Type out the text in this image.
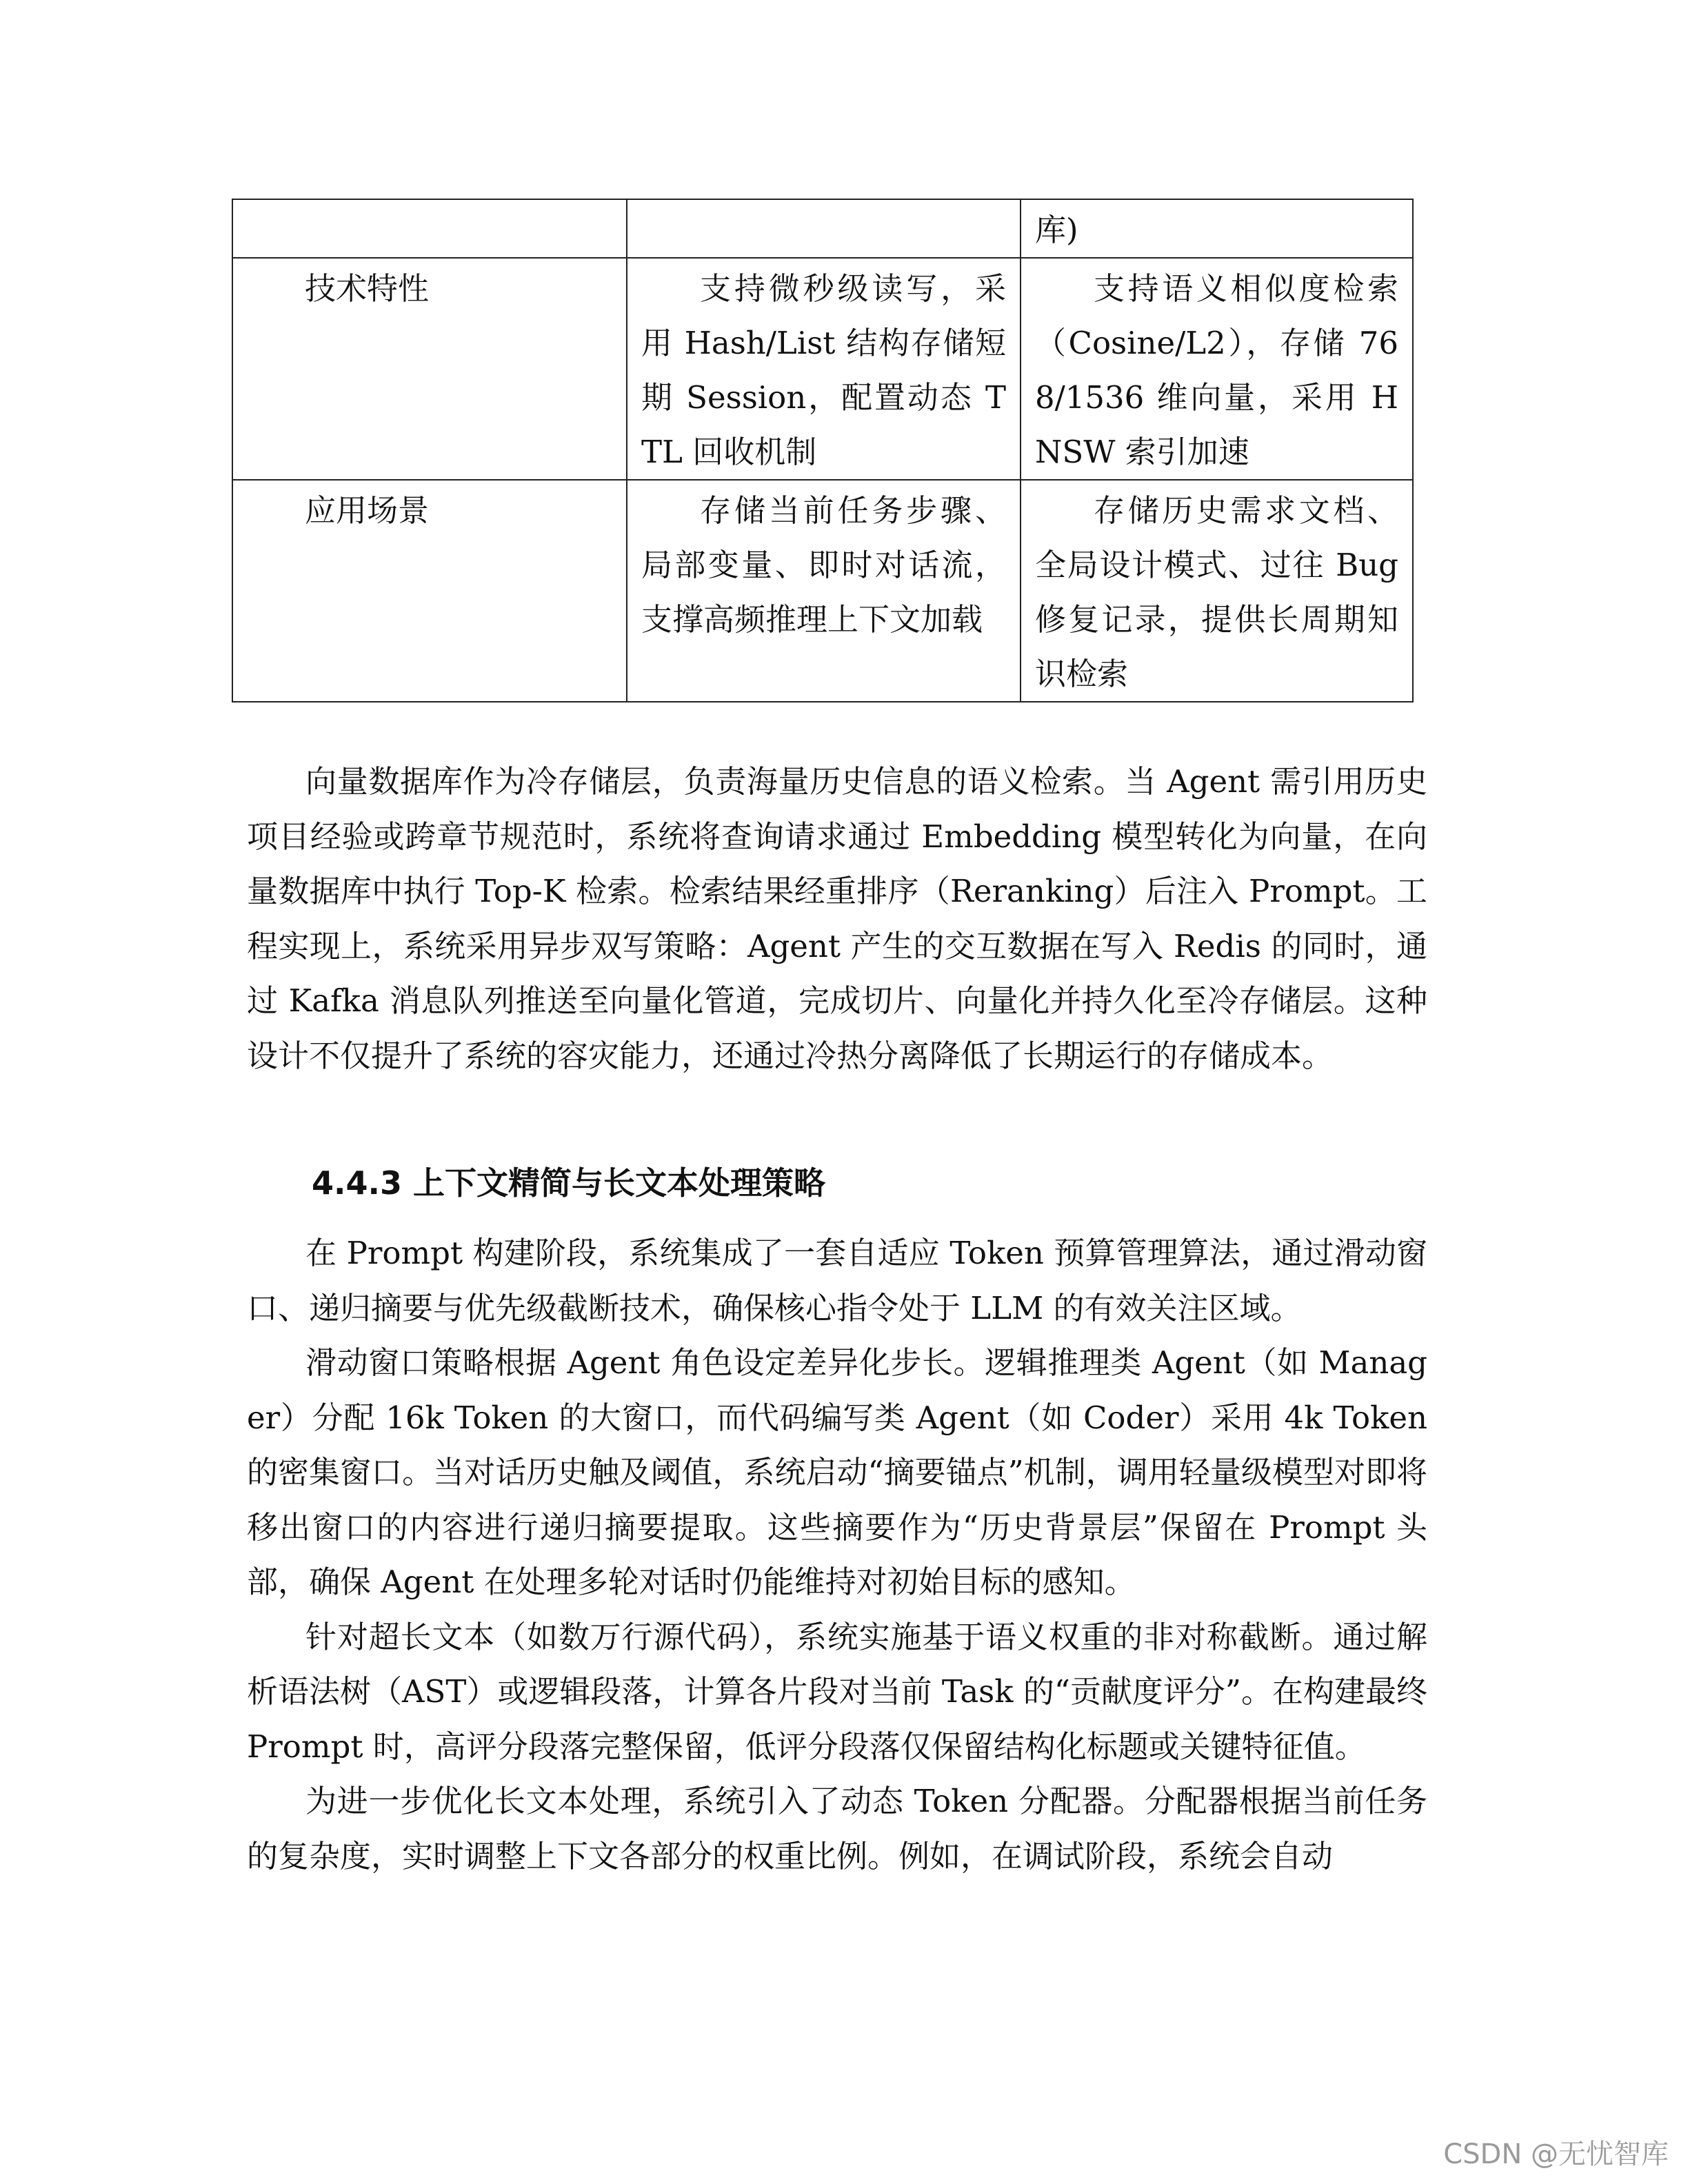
		库)
技术特性	支持微秒级读写，采用 Hash/List 结构存储短期 Session，配置动态 TTL 回收机制	支持语义相似度检索（Cosine/L2），存储 768/1536 维向量，采用 HNSW 索引加速
应用场景	存储当前任务步骤、局部变量、即时对话流，支撑高频推理上下文加载	存储历史需求文档、全局设计模式、过往 Bug 修复记录，提供长周期知识检索

向量数据库作为冷存储层，负责海量历史信息的语义检索。当 Agent 需引用历史项目经验或跨章节规范时，系统将查询请求通过 Embedding 模型转化为向量，在向量数据库中执行 Top-K 检索。检索结果经重排序（Reranking）后注入 Prompt。工程实现上，系统采用异步双写策略：Agent 产生的交互数据在写入 Redis 的同时，通过 Kafka 消息队列推送至向量化管道，完成切片、向量化并持久化至冷存储层。这种设计不仅提升了系统的容灾能力，还通过冷热分离降低了长期运行的存储成本。

4.4.3 上下文精简与长文本处理策略

在 Prompt 构建阶段，系统集成了一套自适应 Token 预算管理算法，通过滑动窗口、递归摘要与优先级截断技术，确保核心指令处于 LLM 的有效关注区域。

滑动窗口策略根据 Agent 角色设定差异化步长。逻辑推理类 Agent（如 Manager）分配 16k Token 的大窗口，而代码编写类 Agent（如 Coder）采用 4k Token 的密集窗口。当对话历史触及阈值，系统启动“摘要锚点”机制，调用轻量级模型对即将移出窗口的内容进行递归摘要提取。这些摘要作为“历史背景层”保留在 Prompt 头部，确保 Agent 在处理多轮对话时仍能维持对初始目标的感知。

针对超长文本（如数万行源代码），系统实施基于语义权重的非对称截断。通过解析语法树（AST）或逻辑段落，计算各片段对当前 Task 的“贡献度评分”。在构建最终 Prompt 时，高评分段落完整保留，低评分段落仅保留结构化标题或关键特征值。

为进一步优化长文本处理，系统引入了动态 Token 分配器。分配器根据当前任务的复杂度，实时调整上下文各部分的权重比例。例如，在调试阶段，系统会自动

CSDN @无忧智库
